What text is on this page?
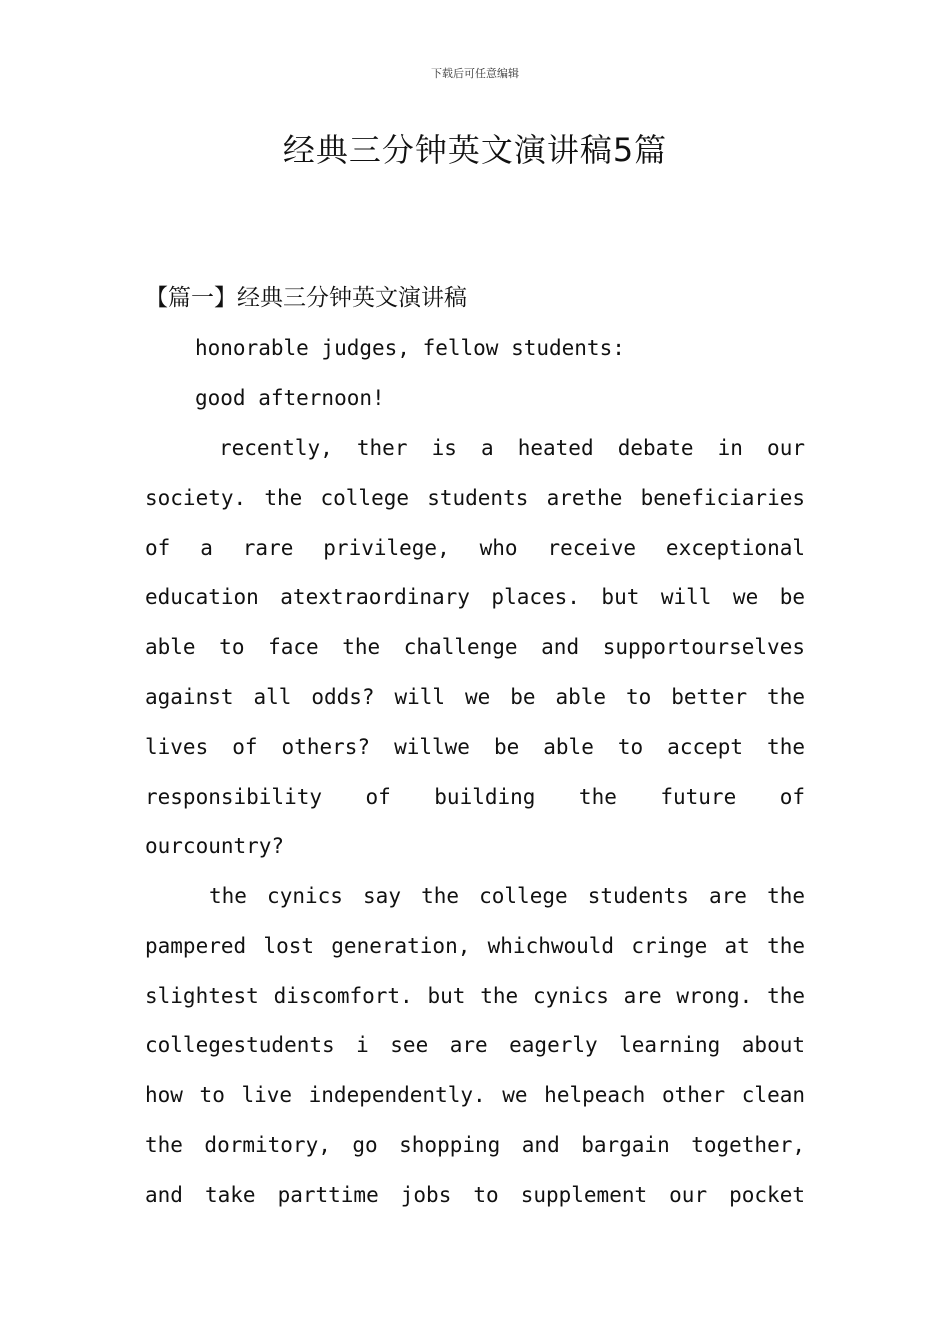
下载后可任意编辑
经典三分钟英文演讲稿5篇
【篇一】经典三分钟英文演讲稿
honorable judges, fellow students:
good afternoon!
recently, ther is a heated debate in our
society. the college students arethe beneficiaries
of a rare privilege, who receive exceptional
education atextraordinary places. but will we be
able to face the challenge and supportourselves
against all odds? will we be able to better the
lives of others? willwe be able to accept the
responsibility of building the future of
ourcountry?
the cynics say the college students are the
pampered lost generation, whichwould cringe at the
slightest discomfort. but the cynics are wrong. the
collegestudents i see are eagerly learning about
how to live independently. we helpeach other clean
the dormitory, go shopping and bargain together,
and take parttime jobs to supplement our pocket
